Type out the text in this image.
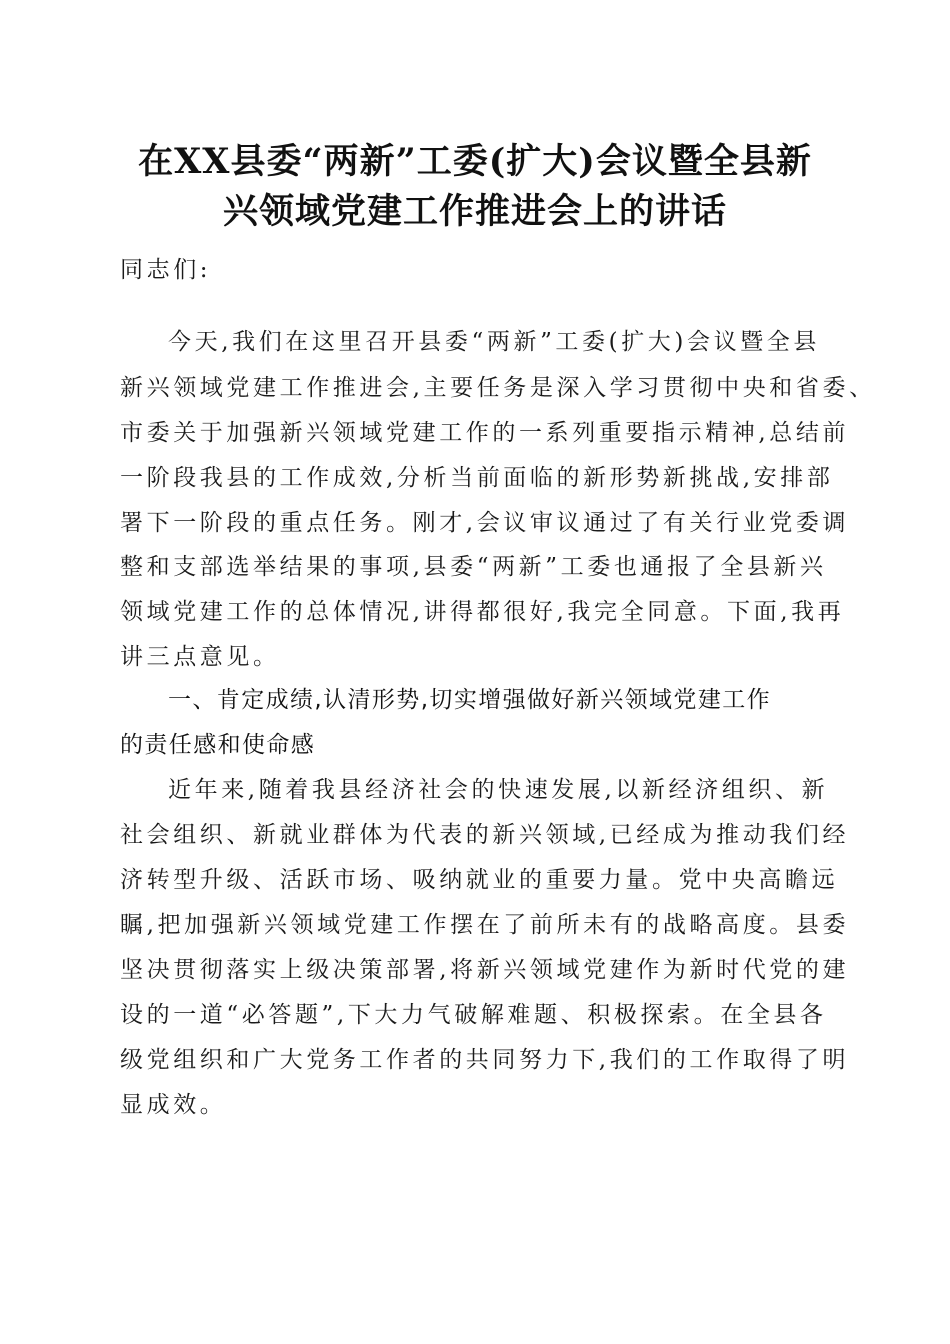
在XX县委“两新”工委(扩大)会议暨全县新
兴领域党建工作推进会上的讲话
同志们:
今天,我们在这里召开县委“两新”工委(扩大)会议暨全县
新兴领域党建工作推进会,主要任务是深入学习贯彻中央和省委、
市委关于加强新兴领域党建工作的一系列重要指示精神,总结前
一阶段我县的工作成效,分析当前面临的新形势新挑战,安排部
署下一阶段的重点任务。刚才,会议审议通过了有关行业党委调
整和支部选举结果的事项,县委“两新”工委也通报了全县新兴
领域党建工作的总体情况,讲得都很好,我完全同意。下面,我再
讲三点意见。
一、肯定成绩,认清形势,切实增强做好新兴领域党建工作
的责任感和使命感
近年来,随着我县经济社会的快速发展,以新经济组织、新
社会组织、新就业群体为代表的新兴领域,已经成为推动我们经
济转型升级、活跃市场、吸纳就业的重要力量。党中央高瞻远
瞩,把加强新兴领域党建工作摆在了前所未有的战略高度。县委
坚决贯彻落实上级决策部署,将新兴领域党建作为新时代党的建
设的一道“必答题”,下大力气破解难题、积极探索。在全县各
级党组织和广大党务工作者的共同努力下,我们的工作取得了明
显成效。
